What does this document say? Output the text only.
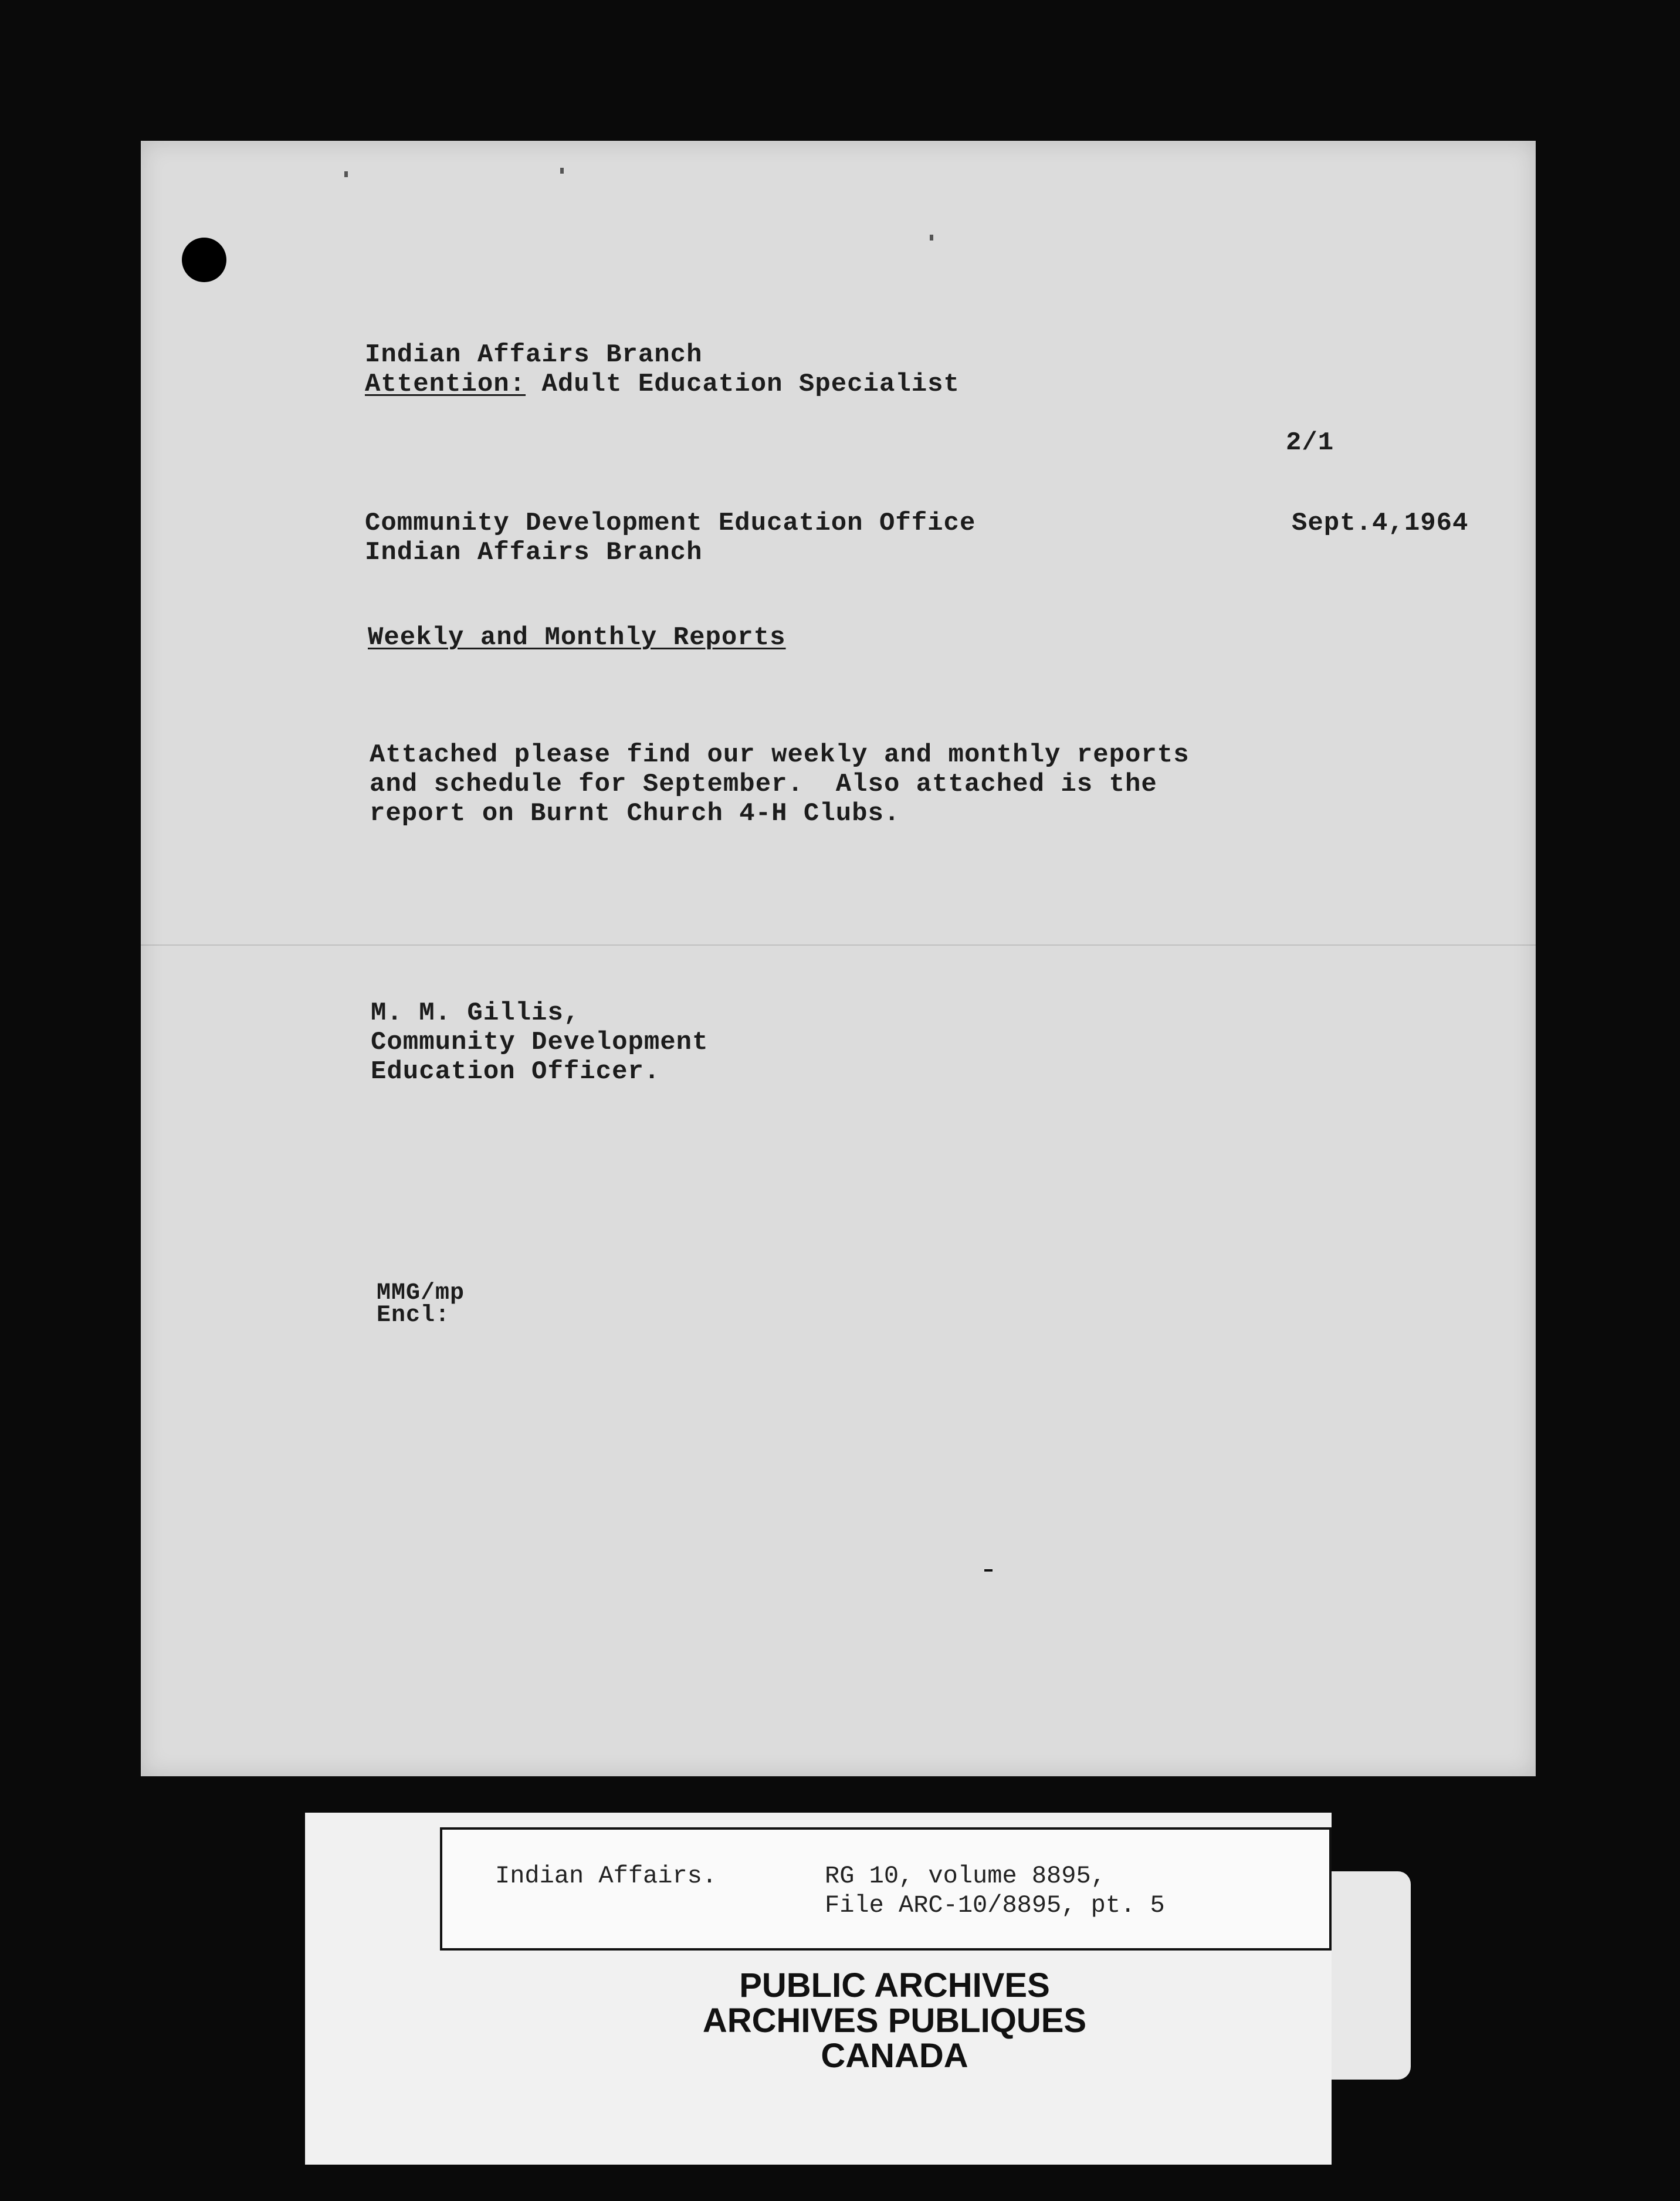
Indian Affairs Branch
Attention: Adult Education Specialist
2/1
Community Development Education Office	Sept.4,1964
Indian Affairs Branch
Weekly and Monthly Reports
Attached please find our weekly and monthly reports
and schedule for September.  Also attached is the
report on Burnt Church 4-H Clubs.
M. M. Gillis,
Community Development
Education Officer.
MMG/mp
Encl:
Indian Affairs.	RG 10, volume 8895,
File ARC-10/8895, pt. 5
PUBLIC ARCHIVES
ARCHIVES PUBLIQUES
CANADA
